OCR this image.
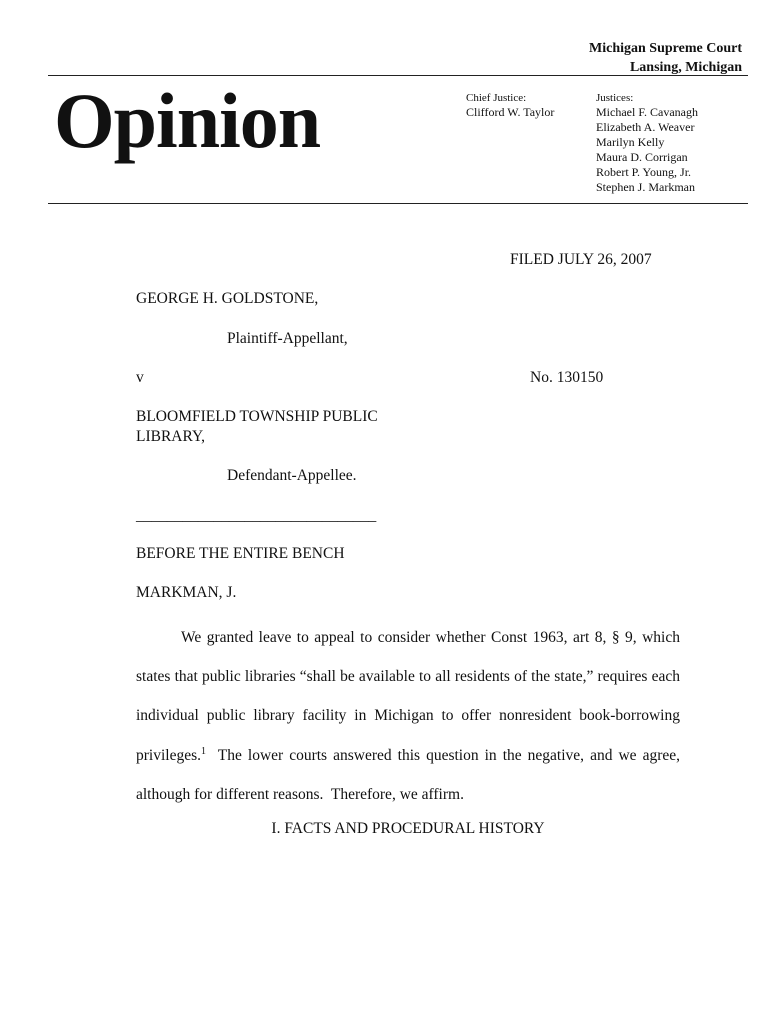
Michigan Supreme Court
Lansing, Michigan
Opinion	Chief Justice:
Clifford W. Taylor
Justices:
Michael F. Cavanagh
Elizabeth A. Weaver
Marilyn Kelly
Maura D. Corrigan
Robert P. Young, Jr.
Stephen J. Markman
FILED JULY 26, 2007
GEORGE H. GOLDSTONE,
Plaintiff-Appellant,
v	No. 130150
BLOOMFIELD TOWNSHIP PUBLIC LIBRARY,
Defendant-Appellee.
_______________________________
BEFORE THE ENTIRE BENCH
MARKMAN, J.

We granted leave to appeal to consider whether Const 1963, art 8, § 9, which states that public libraries “shall be available to all residents of the state,” requires each individual public library facility in Michigan to offer nonresident book-borrowing privileges.$^1$  The lower courts answered this question in the negative, and we agree, although for different reasons.  Therefore, we affirm.

I. FACTS AND PROCEDURAL HISTORY
